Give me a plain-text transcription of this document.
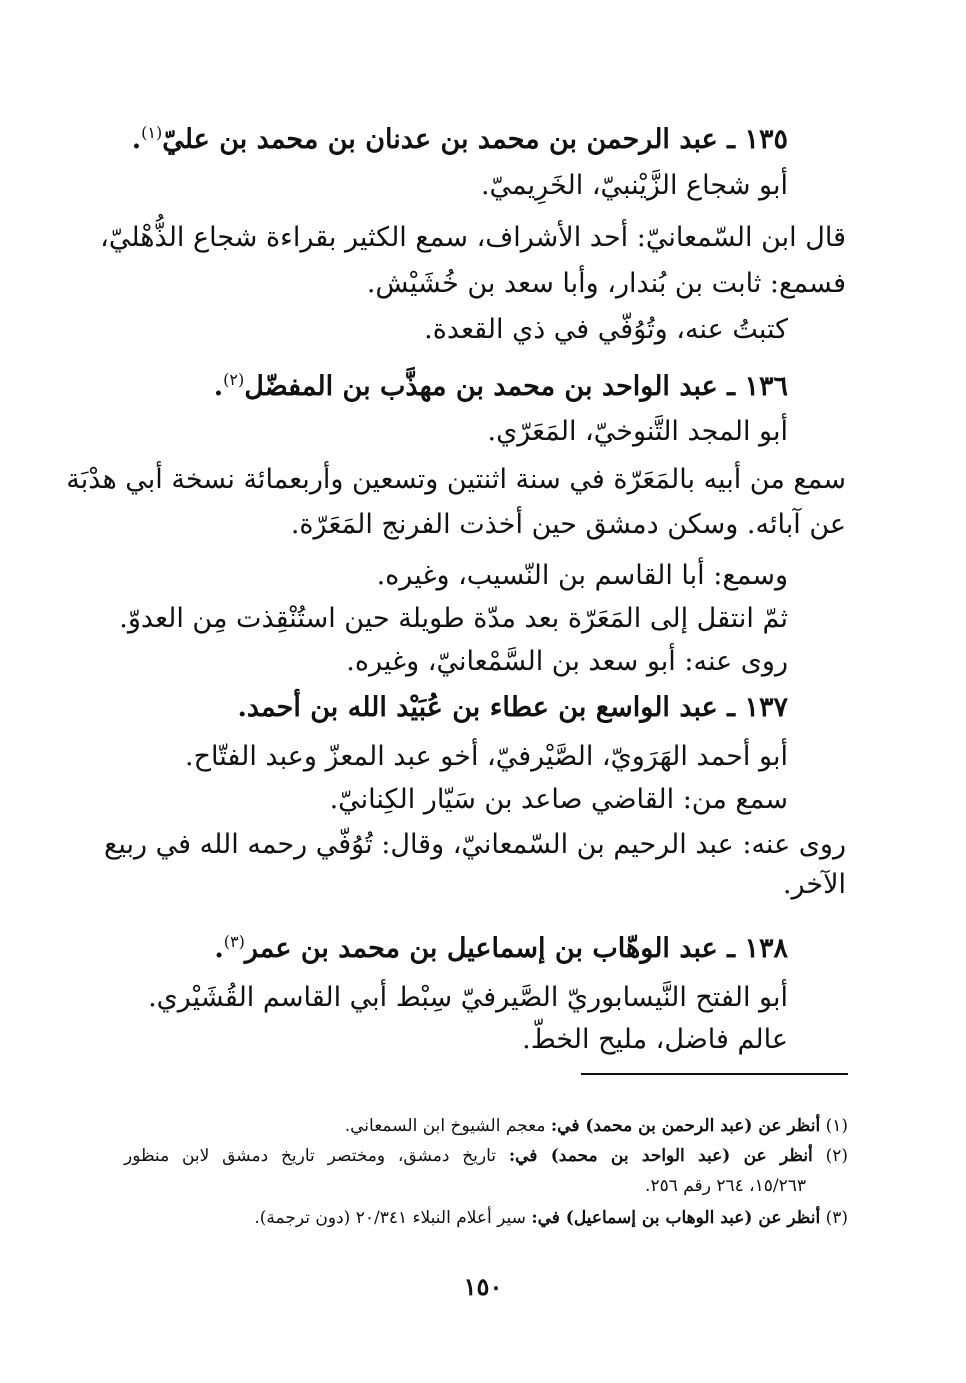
١٣٥ ـ عبد الرحمن بن محمد بن عدنان بن محمد بن عليّ$^{(١)}$.
أبو شجاع الزَّيْنبيّ، الخَرِيميّ.
قال ابن السّمعانيّ: أحد الأشراف، سمع الكثير بقراءة شجاع الذُّهْليّ،
فسمع: ثابت بن بُندار، وأبا سعد بن خُشَيْش.
كتبتُ عنه، وتُوُفّي في ذي القعدة.
١٣٦ ـ عبد الواحد بن محمد بن مهذَّب بن المفضّل$^{(٢)}$.
أبو المجد التَّنوخيّ، المَعَرّي.
سمع من أبيه بالمَعَرّة في سنة اثنتين وتسعين وأربعمائة نسخة أبي هدْبَة
عن آبائه. وسكن دمشق حين أخذت الفرنج المَعَرّة.
وسمع: أبا القاسم بن النّسيب، وغيره.
ثمّ انتقل إلى المَعَرّة بعد مدّة طويلة حين استُنْقِذت مِن العدوّ.
روى عنه: أبو سعد بن السَّمْعانيّ، وغيره.
١٣٧ ـ عبد الواسع بن عطاء بن عُبَيْد الله بن أحمد.
أبو أحمد الهَرَويّ، الصَّيْرفيّ، أخو عبد المعزّ وعبد الفتّاح.
سمع من: القاضي صاعد بن سَيّار الكِنانيّ.
روى عنه: عبد الرحيم بن السّمعانيّ، وقال: تُوُفّي رحمه الله في ربيع
الآخر.
١٣٨ ـ عبد الوهّاب بن إسماعيل بن محمد بن عمر$^{(٣)}$.
أبو الفتح النَّيسابوريّ الصَّيرفيّ سِبْط أبي القاسم القُشَيْري.
عالم فاضل، مليح الخطّ.
(١) أنظر عن (عبد الرحمن بن محمد) في: معجم الشيوخ ابن السمعاني.
(٢) أنظر عن (عبد الواحد بن محمد) في: تاريخ دمشق، ومختصر تاريخ دمشق لابن منظور
١٥/٢٦٣، ٢٦٤ رقم ٢٥٦.
(٣) أنظر عن (عبد الوهاب بن إسماعيل) في: سير أعلام النبلاء ٢٠/٣٤١ (دون ترجمة).
١٥٠
